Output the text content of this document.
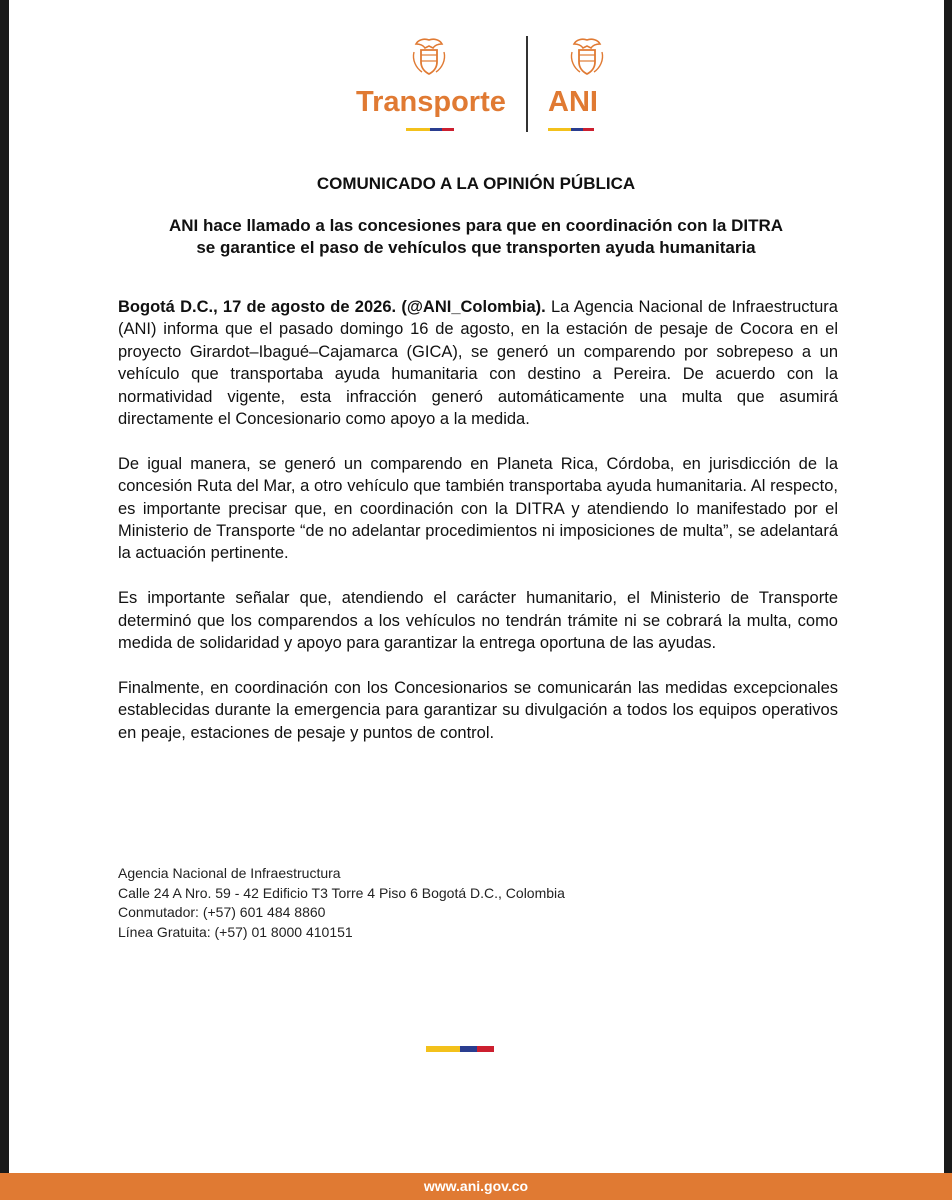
Transporte ANI
COMUNICADO A LA OPINIÓN PÚBLICA
ANI hace llamado a las concesiones para que en coordinación con la DITRA se garantice el paso de vehículos que transporten ayuda humanitaria

Bogotá D.C., 17 de agosto de 2026. (@ANI_Colombia). La Agencia Nacional de Infraestructura (ANI) informa que el pasado domingo 16 de agosto, en la estación de pesaje de Cocora en el proyecto Girardot–Ibagué–Cajamarca (GICA), se generó un comparendo por sobrepeso a un vehículo que transportaba ayuda humanitaria con destino a Pereira. De acuerdo con la normatividad vigente, esta infracción generó automáticamente una multa que asumirá directamente el Concesionario como apoyo a la medida.

De igual manera, se generó un comparendo en Planeta Rica, Córdoba, en jurisdicción de la concesión Ruta del Mar, a otro vehículo que también transportaba ayuda humanitaria. Al respecto, es importante precisar que, en coordinación con la DITRA y atendiendo lo manifestado por el Ministerio de Transporte “de no adelantar procedimientos ni imposiciones de multa”, se adelantará la actuación pertinente.

Es importante señalar que, atendiendo el carácter humanitario, el Ministerio de Transporte determinó que los comparendos a los vehículos no tendrán trámite ni se cobrará la multa, como medida de solidaridad y apoyo para garantizar la entrega oportuna de las ayudas.

Finalmente, en coordinación con los Concesionarios se comunicarán las medidas excepcionales establecidas durante la emergencia para garantizar su divulgación a todos los equipos operativos en peaje, estaciones de pesaje y puntos de control.

Agencia Nacional de Infraestructura
Calle 24 A Nro. 59 - 42 Edificio T3 Torre 4 Piso 6 Bogotá D.C., Colombia
Conmutador: (+57) 601 484 8860
Línea Gratuita: (+57) 01 8000 410151
www.ani.gov.co
